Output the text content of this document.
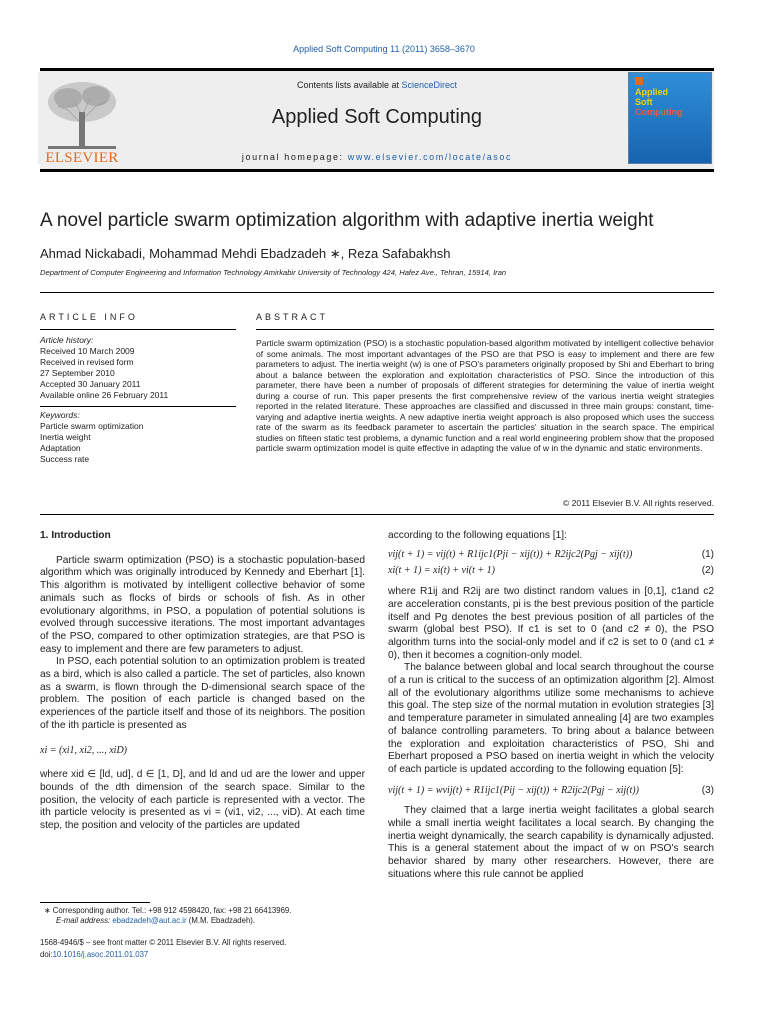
Applied Soft Computing 11 (2011) 3658–3670
ELSEVIER
Contents lists available at ScienceDirect
Applied Soft Computing
journal homepage: www.elsevier.com/locate/asoc
Applied
Soft
Computing
A novel particle swarm optimization algorithm with adaptive inertia weight
Ahmad Nickabadi, Mohammad Mehdi Ebadzadeh ∗, Reza Safabakhsh
Department of Computer Engineering and Information Technology Amirkabir University of Technology 424, Hafez Ave., Tehran, 15914, Iran
ARTICLE INFO
Article history:
Received 10 March 2009
Received in revised form
27 September 2010
Accepted 30 January 2011
Available online 26 February 2011
Keywords:
Particle swarm optimization
Inertia weight
Adaptation
Success rate
ABSTRACT
Particle swarm optimization (PSO) is a stochastic population-based algorithm motivated by intelligent collective behavior of some animals. The most important advantages of the PSO are that PSO is easy to implement and there are few parameters to adjust. The inertia weight (w) is one of PSO's parameters originally proposed by Shi and Eberhart to bring about a balance between the exploration and exploitation characteristics of PSO. Since the introduction of this parameter, there have been a number of proposals of different strategies for determining the value of inertia weight during a course of run. This paper presents the first comprehensive review of the various inertia weight strategies reported in the related literature. These approaches are classified and discussed in three main groups: constant, time-varying and adaptive inertia weights. A new adaptive inertia weight approach is also proposed which uses the success rate of the swarm as its feedback parameter to ascertain the particles' situation in the search space. The empirical studies on fifteen static test problems, a dynamic function and a real world engineering problem show that the proposed particle swarm optimization model is quite effective in adapting the value of w in the dynamic and static environments.
© 2011 Elsevier B.V. All rights reserved.
1. Introduction

Particle swarm optimization (PSO) is a stochastic population-based algorithm which was originally introduced by Kennedy and Eberhart [1]. This algorithm is motivated by intelligent collective behavior of some animals such as flocks of birds or schools of fish. As in other evolutionary algorithms, in PSO, a population of potential solutions is evolved through successive iterations. The most important advantages of the PSO, compared to other optimization strategies, are that PSO is easy to implement and there are few parameters to adjust.

In PSO, each potential solution to an optimization problem is treated as a bird, which is also called a particle. The set of particles, also known as a swarm, is flown through the D-dimensional search space of the problem. The position of each particle is changed based on the experiences of the particle itself and those of its neighbors. The position of the ith particle is presented as

xi = (xi1, xi2, ..., xiD)

where xid ∈ [ld, ud], d ∈ [1, D], and ld and ud are the lower and upper bounds of the dth dimension of the search space. Similar to the position, the velocity of each particle is represented with a vector. The ith particle velocity is presented as vi = (vi1, vi2, ..., viD). At each time step, the position and velocity of the particles are updated

according to the following equations [1]:

vij(t + 1) = vij(t) + R1ijc1(Pji − xij(t)) + R2ijc2(Pgj − xij(t))	(1)
xi(t + 1) = xi(t) + vi(t + 1)	(2)

where R1ij and R2ij are two distinct random values in [0,1], c1and c2 are acceleration constants, pi is the best previous position of the particle itself and Pg denotes the best previous position of all particles of the swarm (global best PSO). If c1 is set to 0 (and c2 ≠ 0), the PSO algorithm turns into the social-only model and if c2 is set to 0 (and c1 ≠ 0), then it becomes a cognition-only model.

The balance between global and local search throughout the course of a run is critical to the success of an optimization algorithm [2]. Almost all of the evolutionary algorithms utilize some mechanisms to achieve this goal. The step size of the normal mutation in evolution strategies [3] and temperature parameter in simulated annealing [4] are two examples of balance controlling parameters. To bring about a balance between the exploration and exploitation characteristics of PSO, Shi and Eberhart proposed a PSO based on inertia weight in which the velocity of each particle is updated according to the following equation [5]:

vij(t + 1) = wvij(t) + R1ijc1(Pij − xij(t)) + R2ijc2(Pgj − xij(t))	(3)

They claimed that a large inertia weight facilitates a global search while a small inertia weight facilitates a local search. By changing the inertia weight dynamically, the search capability is dynamically adjusted. This is a general statement about the impact of w on PSO's search behavior shared by many other researchers. However, there are situations where this rule cannot be applied

∗ Corresponding author. Tel.: +98 912 4598420, fax: +98 21 66413969.
E-mail address: ebadzadeh@aut.ac.ir (M.M. Ebadzadeh).
1568-4946/$ – see front matter © 2011 Elsevier B.V. All rights reserved.
doi:10.1016/j.asoc.2011.01.037
